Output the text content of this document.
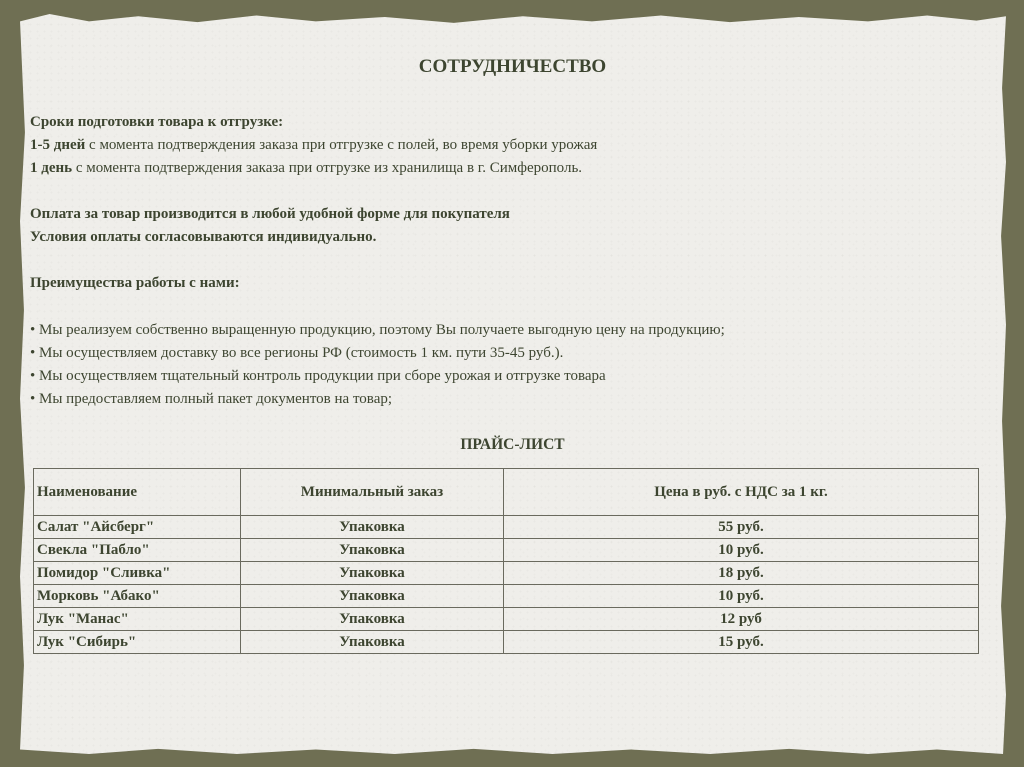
СОТРУДНИЧЕСТВО
Сроки подготовки товара к отгрузке:
1-5 дней с момента подтверждения заказа при отгрузке с полей, во время уборки урожая
1 день с момента подтверждения заказа при отгрузке из хранилища в г. Симферополь.
Оплата за товар производится в любой удобной форме для покупателя
Условия оплаты согласовываются индивидуально.
Преимущества работы с нами:
• Мы реализуем собственно выращенную продукцию, поэтому Вы получаете выгодную цену на продукцию;
• Мы осуществляем доставку во все регионы РФ (стоимость 1 км. пути 35-45 руб.).
• Мы осуществляем тщательный контроль продукции при сборе урожая и отгрузке товара
• Мы предоставляем полный пакет документов на товар;
ПРАЙС-ЛИСТ
Наименование	Минимальный заказ	Цена в руб. с НДС за 1 кг.
Салат "Айсберг"	Упаковка	55 руб.
Свекла "Пабло"	Упаковка	10 руб.
Помидор "Сливка"	Упаковка	18 руб.
Морковь "Абако"	Упаковка	10 руб.
Лук "Манас"	Упаковка	12 руб
Лук "Сибирь"	Упаковка	15 руб.
